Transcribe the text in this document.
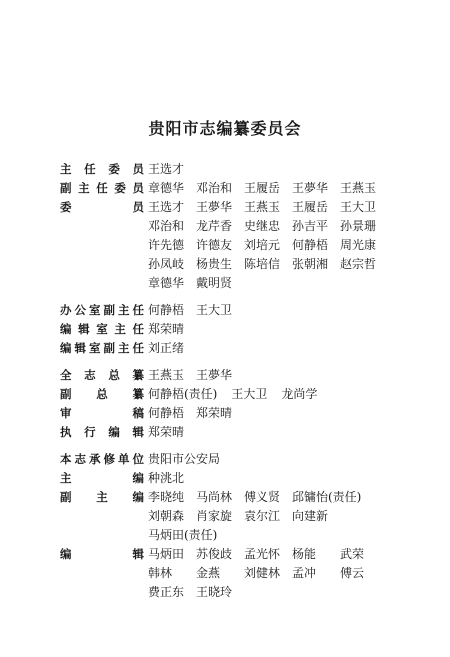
贵阳市志编纂委员会
主任委员 王选才
副主任委员 章德华 邓治和 王履岳 王夢华 王燕玉
委员 王选才 王夢华 王燕玉 王履岳 王大卫
邓治和 龙芹香 史继忠 孙吉平 孙景珊
许先德 许德友 刘培元 何静梧 周光康
孙凤岐 杨贵生 陈培信 张朝湘 赵宗哲
章德华 戴明贤
办公室副主任 何静梧 王大卫
编辑室主任 郑荣晴
编辑室副主任 刘正绪
全志总纂 王燕玉 王夢华
副总纂 何静梧(责任) 王大卫 龙尚学
审稿 何静梧 郑荣晴
执行编辑 郑荣晴
本志承修单位 贵阳市公安局
主编 种洮北
副主编 李晓纯 马尚林 傅义贤 邱镛怡(责任)
刘朝森 肖家旋 袁尔江 向建新
马炳田(责任)
编辑 马炳田 苏俊歧 孟光怀 杨能	武荣
韩林	金燕	刘健林 孟冲	傅云
费正东 王晓玲
